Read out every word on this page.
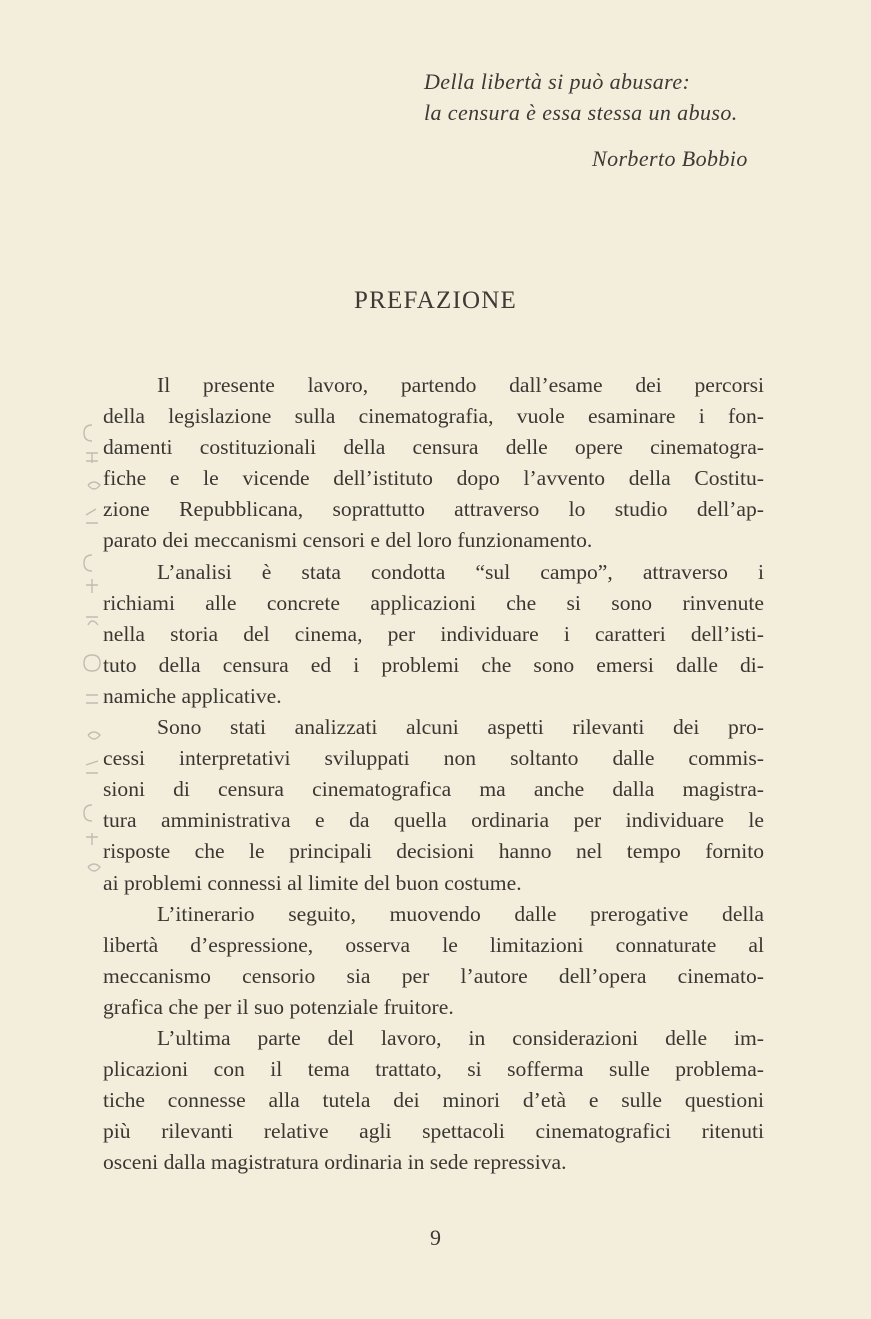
Della libertà si può abusare:
la censura è essa stessa un abuso.
Norberto Bobbio
PREFAZIONE
Il presente lavoro, partendo dall’esame dei percorsi
della legislazione sulla cinematografia, vuole esaminare i fon-
damenti costituzionali della censura delle opere cinematogra-
fiche e le vicende dell’istituto dopo l’avvento della Costitu-
zione Repubblicana, soprattutto attraverso lo studio dell’ap-
parato dei meccanismi censori e del loro funzionamento.
L’analisi è stata condotta “sul campo”, attraverso i
richiami alle concrete applicazioni che si sono rinvenute
nella storia del cinema, per individuare i caratteri dell’isti-
tuto della censura ed i problemi che sono emersi dalle di-
namiche applicative.
Sono stati analizzati alcuni aspetti rilevanti dei pro-
cessi interpretativi sviluppati non soltanto dalle commis-
sioni di censura cinematografica ma anche dalla magistra-
tura amministrativa e da quella ordinaria per individuare le
risposte che le principali decisioni hanno nel tempo fornito
ai problemi connessi al limite del buon costume.
L’itinerario seguito, muovendo dalle prerogative della
libertà d’espressione, osserva le limitazioni connaturate al
meccanismo censorio sia per l’autore dell’opera cinemato-
grafica che per il suo potenziale fruitore.
L’ultima parte del lavoro, in considerazioni delle im-
plicazioni con il tema trattato, si sofferma sulle problema-
tiche connesse alla tutela dei minori d’età e sulle questioni
più rilevanti relative agli spettacoli cinematografici ritenuti
osceni dalla magistratura ordinaria in sede repressiva.
9
